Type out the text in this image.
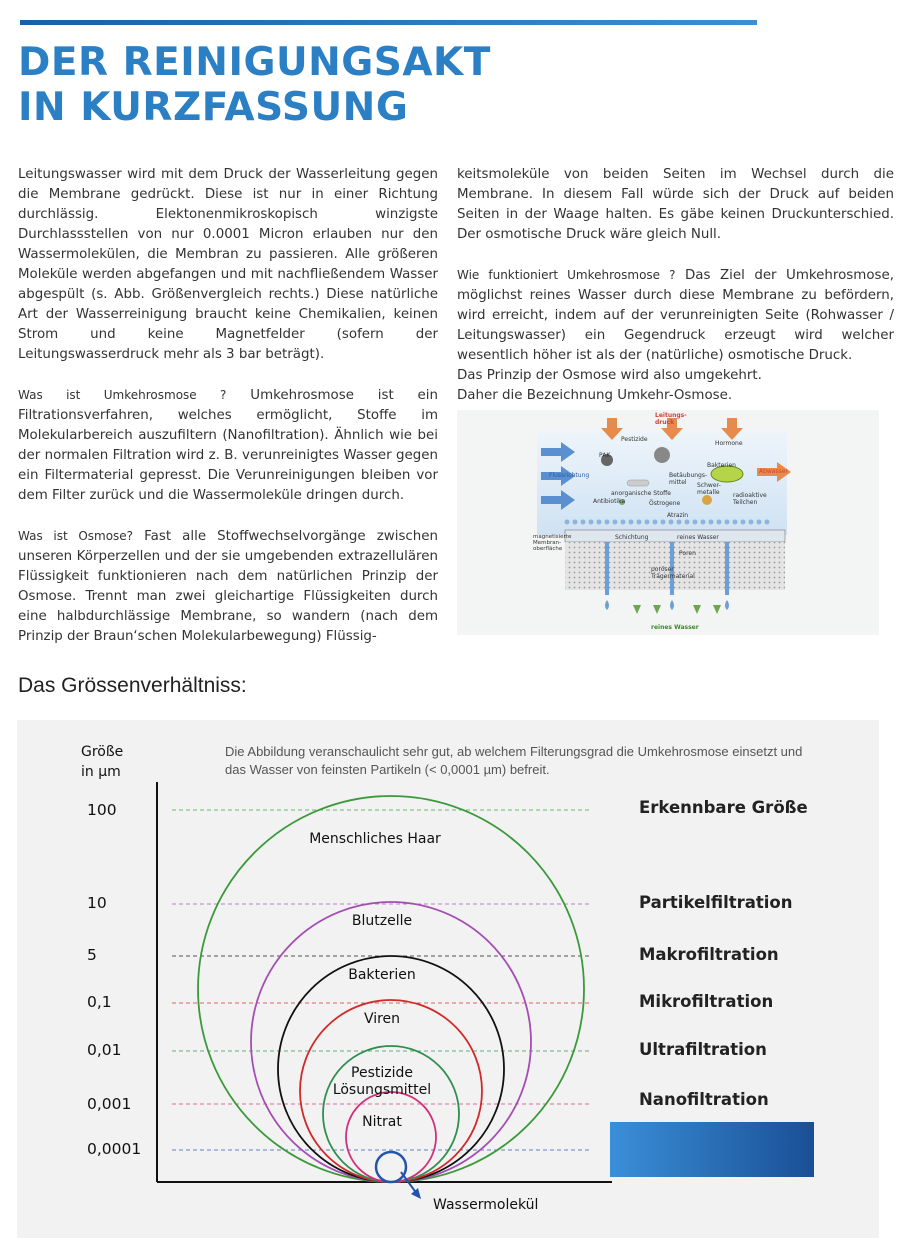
DER REINIGUNGSAKT
IN KURZFASSUNG

Leitungswasser wird mit dem Druck der Wasserleitung gegen die Membrane gedrückt. Diese ist nur in einer Richtung durchlässig. Elektonenmikroskopisch winzigste Durchlassstellen von nur 0.0001 Micron erlauben nur den Wassermolekülen, die Membran zu passieren. Alle größeren Moleküle werden abgefangen und mit nachfließendem Wasser abgespült (s. Abb. Größenvergleich rechts.) Diese natürliche Art der Wasserreinigung braucht keine Chemikalien, keinen Strom und keine Magnetfelder (sofern der Leitungswasserdruck mehr als 3 bar beträgt).

Was ist Umkehrosmose ? Umkehrosmose ist ein Filtrationsverfahren, welches ermöglicht, Stoffe im Molekularbereich auszufiltern (Nanofiltration). Ähnlich wie bei der normalen Filtration wird z. B. verunreinigtes Wasser gegen ein Filtermaterial gepresst. Die Verunreinigungen bleiben vor dem Filter zurück und die Wassermoleküle dringen durch.

Was ist Osmose? Fast alle Stoffwechselvorgänge zwischen unseren Körperzellen und der sie umgebenden extrazellulären Flüssigkeit funktionieren nach dem natürlichen Prinzip der Osmose. Trennt man zwei gleichartige Flüssigkeiten durch eine halbdurchlässige Membrane, so wandern (nach dem Prinzip der Braun‘schen Molekularbewegung) Flüssig-

keitsmoleküle von beiden Seiten im Wechsel durch die Membrane. In diesem Fall würde sich der Druck auf beiden Seiten in der Waage halten. Es gäbe keinen Druckunterschied. Der osmotische Druck wäre gleich Null.

Wie funktioniert Umkehrosmose ? Das Ziel der Umkehrosmose, möglichst reines Wasser durch diese Membrane zu befördern, wird erreicht, indem auf der verunreinigten Seite (Rohwasser / Leitungswasser) ein Gegendruck erzeugt wird welcher wesentlich höher ist als der (natürliche) osmotische Druck.
Das Prinzip der Osmose wird also umgekehrt.
Daher die Bezeichnung Umkehr-Osmose.

Leitungs-
druck
Pestizide
PAK
Hormone
Bakterien
Flussrichtung
anorganische Stoffe
Betäubungs-
mittel	Schwer-
metalle
Abwasser
Antibiotika	Östrogene
radioaktive
Teilchen
Atrazin
Schichtung	reines Wasser
magnetisierte
Membran-
oberfläche
Poren
poröser
Trägermaterial
reines Wasser
Das Grössenverhältniss:
Die Abbildung veranschaulicht sehr gut, ab welchem Filterungsgrad die Umkehrosmose einsetzt und das Wasser von feinsten Partikeln (< 0,0001 µm) befreit.
Größe
in µm
100
10
5
0,1
0,01
0,001
0,0001
Erkennbare Größe
Partikelfiltration
Makrofiltration
Mikrofiltration
Ultrafiltration
Nanofiltration
Menschliches Haar
Blutzelle
Bakterien
Viren
Pestizide
Lösungsmittel
Nitrat
Wassermolekül
